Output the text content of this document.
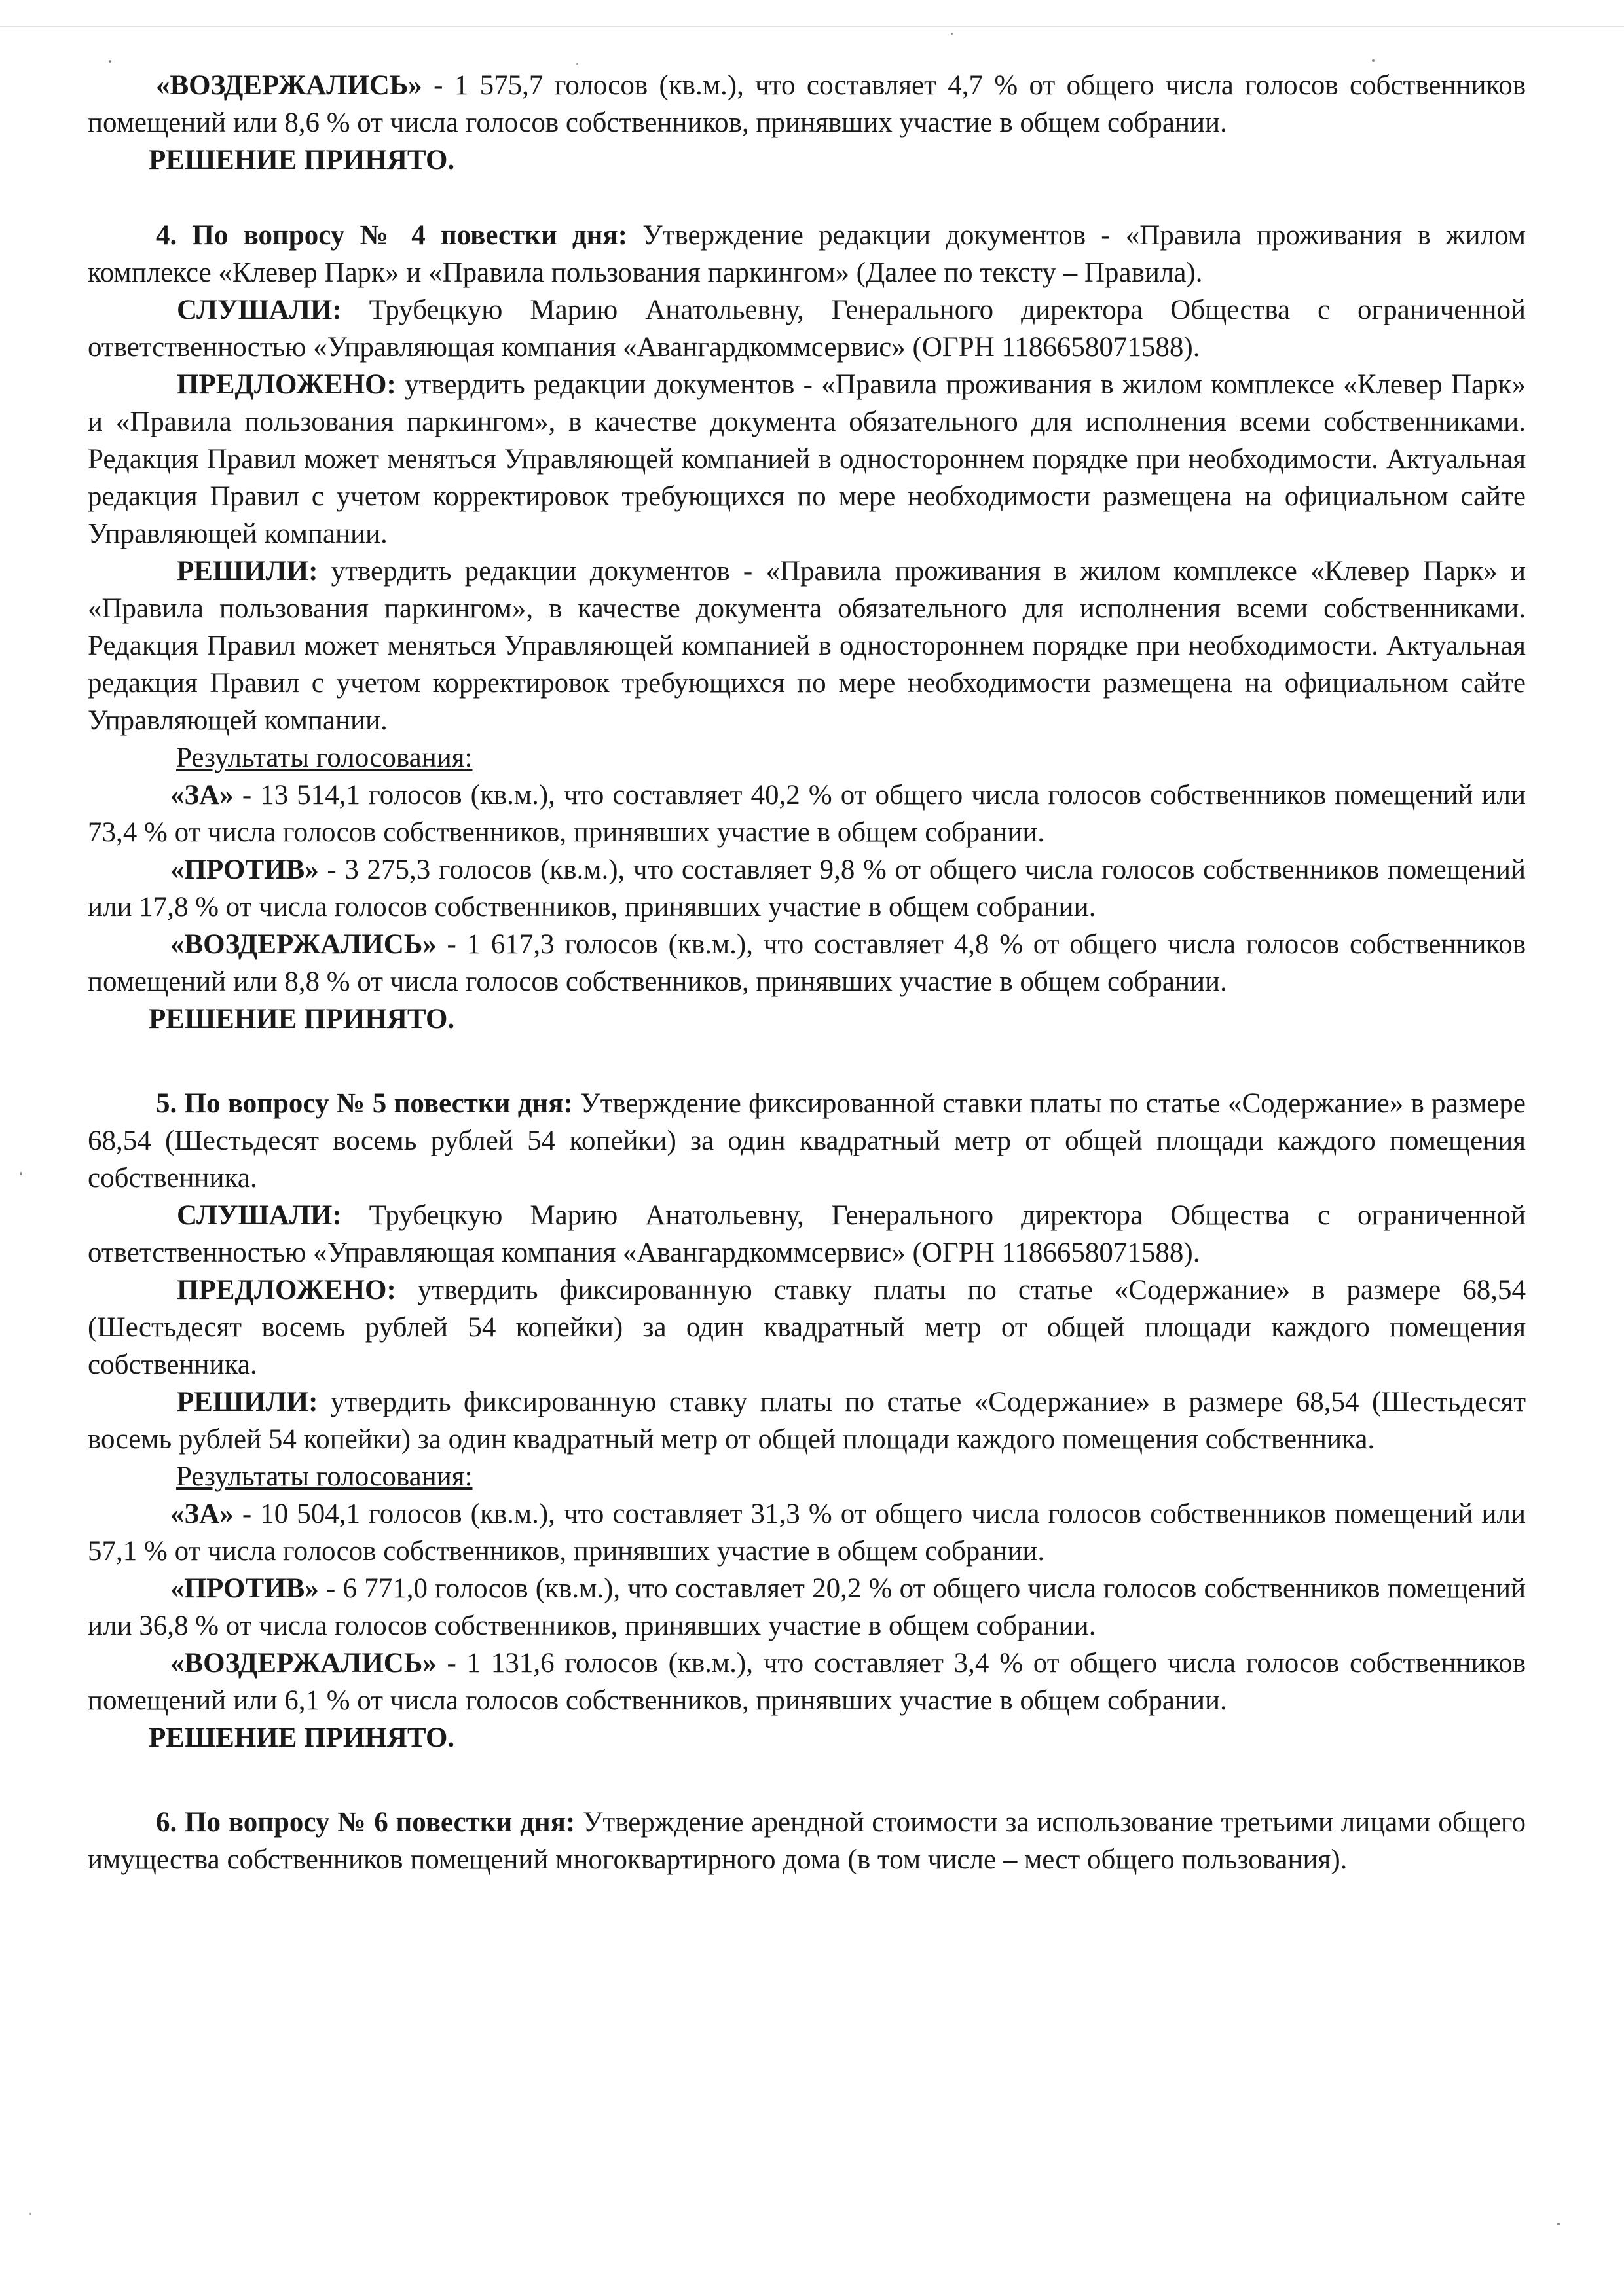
«ВОЗДЕРЖАЛИСЬ» - 1 575,7 голосов (кв.м.), что составляет 4,7 % от общего числа голосов собственников помещений или 8,6 % от числа голосов собственников, принявших участие в общем собрании.

РЕШЕНИЕ ПРИНЯТО.

4. По вопросу № 4 повестки дня: Утверждение редакции документов - «Правила проживания в жилом комплексе «Клевер Парк» и «Правила пользования паркингом» (Далее по тексту – Правила).

СЛУШАЛИ: Трубецкую Марию Анатольевну, Генерального директора Общества с ограниченной ответственностью «Управляющая компания «Авангардкоммсервис» (ОГРН 1186658071588).

ПРЕДЛОЖЕНО: утвердить редакции документов - «Правила проживания в жилом комплексе «Клевер Парк» и «Правила пользования паркингом», в качестве документа обязательного для исполнения всеми собственниками. Редакция Правил может меняться Управляющей компанией в одностороннем порядке при необходимости. Актуальная редакция Правил с учетом корректировок требующихся по мере необходимости размещена на официальном сайте Управляющей компании.

РЕШИЛИ: утвердить редакции документов - «Правила проживания в жилом комплексе «Клевер Парк» и «Правила пользования паркингом», в качестве документа обязательного для исполнения всеми собственниками. Редакция Правил может меняться Управляющей компанией в одностороннем порядке при необходимости. Актуальная редакция Правил с учетом корректировок требующихся по мере необходимости размещена на официальном сайте Управляющей компании.

Результаты голосования:

«ЗА» - 13 514,1 голосов (кв.м.), что составляет 40,2 % от общего числа голосов собственников помещений или 73,4 % от числа голосов собственников, принявших участие в общем собрании.

«ПРОТИВ» - 3 275,3 голосов (кв.м.), что составляет 9,8 % от общего числа голосов собственников помещений или 17,8 % от числа голосов собственников, принявших участие в общем собрании.

«ВОЗДЕРЖАЛИСЬ» - 1 617,3 голосов (кв.м.), что составляет 4,8 % от общего числа голосов собственников помещений или 8,8 % от числа голосов собственников, принявших участие в общем собрании.

РЕШЕНИЕ ПРИНЯТО.

5. По вопросу № 5 повестки дня: Утверждение фиксированной ставки платы по статье «Содержание» в размере 68,54 (Шестьдесят восемь рублей 54 копейки) за один квадратный метр от общей площади каждого помещения собственника.

СЛУШАЛИ: Трубецкую Марию Анатольевну, Генерального директора Общества с ограниченной ответственностью «Управляющая компания «Авангардкоммсервис» (ОГРН 1186658071588).

ПРЕДЛОЖЕНО: утвердить фиксированную ставку платы по статье «Содержание» в размере 68,54 (Шестьдесят восемь рублей 54 копейки) за один квадратный метр от общей площади каждого помещения собственника.

РЕШИЛИ: утвердить фиксированную ставку платы по статье «Содержание» в размере 68,54 (Шестьдесят восемь рублей 54 копейки) за один квадратный метр от общей площади каждого помещения собственника.

Результаты голосования:

«ЗА» - 10 504,1 голосов (кв.м.), что составляет 31,3 % от общего числа голосов собственников помещений или 57,1 % от числа голосов собственников, принявших участие в общем собрании.

«ПРОТИВ» - 6 771,0 голосов (кв.м.), что составляет 20,2 % от общего числа голосов собственников помещений или 36,8 % от числа голосов собственников, принявших участие в общем собрании.

«ВОЗДЕРЖАЛИСЬ» - 1 131,6 голосов (кв.м.), что составляет 3,4 % от общего числа голосов собственников помещений или 6,1 % от числа голосов собственников, принявших участие в общем собрании.

РЕШЕНИЕ ПРИНЯТО.

6. По вопросу № 6 повестки дня: Утверждение арендной стоимости за использование третьими лицами общего имущества собственников помещений многоквартирного дома (в том числе – мест общего пользования).
